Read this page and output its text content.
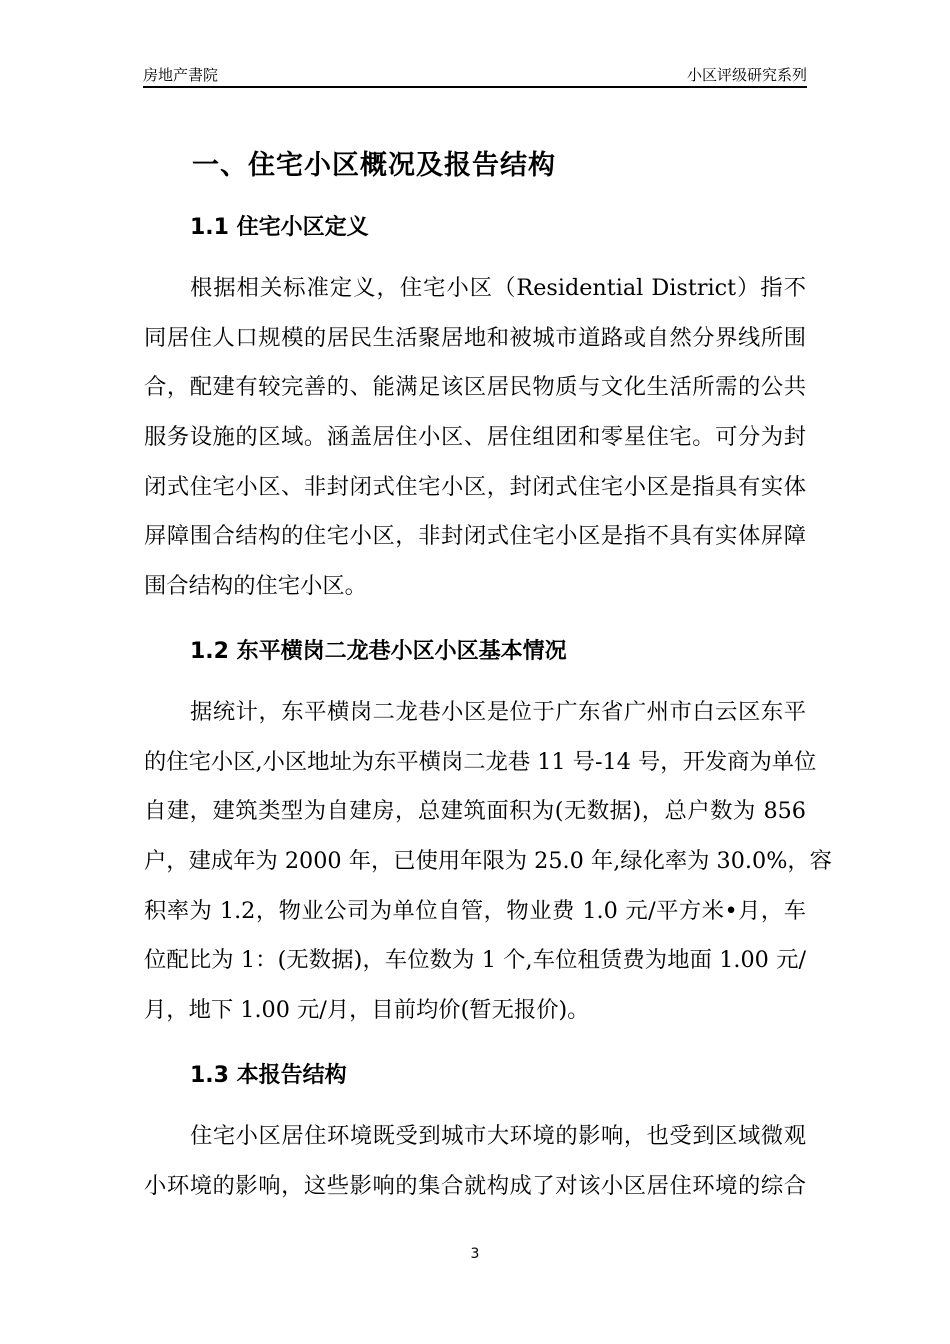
房地产書院	小区评级研究系列
一、住宅小区概况及报告结构
1.1 住宅小区定义
根据相关标准定义，住宅小区（Residential District）指不
同居住人口规模的居民生活聚居地和被城市道路或自然分界线所围
合，配建有较完善的、能满足该区居民物质与文化生活所需的公共
服务设施的区域。涵盖居住小区、居住组团和零星住宅。可分为封
闭式住宅小区、非封闭式住宅小区，封闭式住宅小区是指具有实体
屏障围合结构的住宅小区，非封闭式住宅小区是指不具有实体屏障
围合结构的住宅小区。
1.2 东平横岗二龙巷小区小区基本情况
据统计，东平横岗二龙巷小区是位于广东省广州市白云区东平
的住宅小区,小区地址为东平横岗二龙巷 11 号-14 号，开发商为单位
自建，建筑类型为自建房，总建筑面积为(无数据)，总户数为 856
户，建成年为 2000 年，已使用年限为 25.0 年,绿化率为 30.0%，容
积率为 1.2，物业公司为单位自管，物业费 1.0 元/平方米•月，车
位配比为 1：(无数据)，车位数为 1 个,车位租赁费为地面 1.00 元/
月，地下 1.00 元/月，目前均价(暂无报价)。
1.3 本报告结构
住宅小区居住环境既受到城市大环境的影响，也受到区域微观
小环境的影响，这些影响的集合就构成了对该小区居住环境的综合
3
